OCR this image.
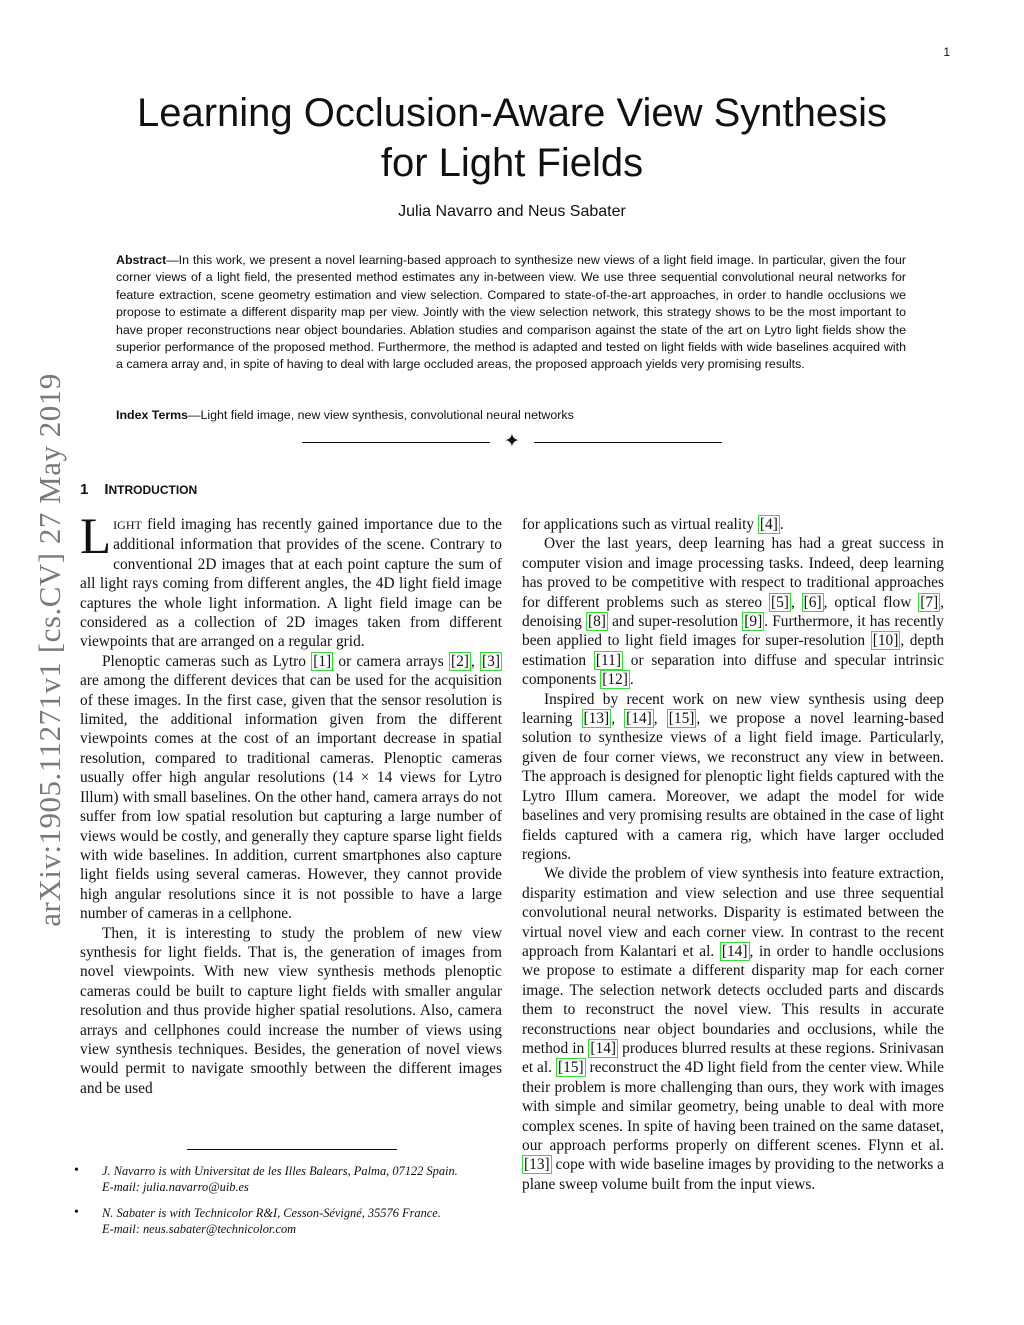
1
arXiv:1905.11271v1 [cs.CV] 27 May 2019
Learning Occlusion-Aware View Synthesis
for Light Fields
Julia Navarro and Neus Sabater
Abstract—In this work, we present a novel learning-based approach to synthesize new views of a light field image. In particular, given the four corner views of a light field, the presented method estimates any in-between view. We use three sequential convolutional neural networks for feature extraction, scene geometry estimation and view selection. Compared to state-of-the-art approaches, in order to handle occlusions we propose to estimate a different disparity map per view. Jointly with the view selection network, this strategy shows to be the most important to have proper reconstructions near object boundaries. Ablation studies and comparison against the state of the art on Lytro light fields show the superior performance of the proposed method. Furthermore, the method is adapted and tested on light fields with wide baselines acquired with a camera array and, in spite of having to deal with large occluded areas, the proposed approach yields very promising results.
Index Terms—Light field image, new view synthesis, convolutional neural networks
✦
1 INTRODUCTION

LIGHT field imaging has recently gained importance due to the additional information that provides of the scene. Contrary to conventional 2D images that at each point capture the sum of all light rays coming from different angles, the 4D light field image captures the whole light information. A light field image can be considered as a collection of 2D images taken from different viewpoints that are arranged on a regular grid.

Plenoptic cameras such as Lytro [1] or camera arrays [2] , [3] are among the different devices that can be used for the acquisition of these images. In the first case, given that the sensor resolution is limited, the additional information given from the different viewpoints comes at the cost of an important decrease in spatial resolution, compared to traditional cameras. Plenoptic cameras usually offer high angular resolutions (14 × 14 views for Lytro Illum) with small baselines. On the other hand, camera arrays do not suffer from low spatial resolution but capturing a large number of views would be costly, and generally they capture sparse light fields with wide baselines. In addition, current smartphones also capture light fields using several cameras. However, they cannot provide high angular resolutions since it is not possible to have a large number of cameras in a cellphone.

Then, it is interesting to study the problem of new view synthesis for light fields. That is, the generation of images from novel viewpoints. With new view synthesis methods plenoptic cameras could be built to capture light fields with smaller angular resolution and thus provide higher spatial resolutions. Also, camera arrays and cellphones could increase the number of views using view synthesis techniques. Besides, the generation of novel views would permit to navigate smoothly between the different images and be used

for applications such as virtual reality [4] .

Over the last years, deep learning has had a great success in computer vision and image processing tasks. Indeed, deep learning has proved to be competitive with respect to traditional approaches for different problems such as stereo [5] , [6] , optical flow [7] , denoising [8] and super-resolution [9] . Furthermore, it has recently been applied to light field images for super-resolution [10] , depth estimation [11] or separation into diffuse and specular intrinsic components [12] .

Inspired by recent work on new view synthesis using deep learning [13] , [14] , [15] , we propose a novel learning-based solution to synthesize views of a light field image. Particularly, given de four corner views, we reconstruct any view in between. The approach is designed for plenoptic light fields captured with the Lytro Illum camera. Moreover, we adapt the model for wide baselines and very promising results are obtained in the case of light fields captured with a camera rig, which have larger occluded regions.

We divide the problem of view synthesis into feature extraction, disparity estimation and view selection and use three sequential convolutional neural networks. Disparity is estimated between the virtual novel view and each corner view. In contrast to the recent approach from Kalantari et al. [14] , in order to handle occlusions we propose to estimate a different disparity map for each corner image. The selection network detects occluded parts and discards them to reconstruct the novel view. This results in accurate reconstructions near object boundaries and occlusions, while the method in [14] produces blurred results at these regions. Srinivasan et al. [15] reconstruct the 4D light field from the center view. While their problem is more challenging than ours, they work with images with simple and similar geometry, being unable to deal with more complex scenes. In spite of having been trained on the same dataset, our approach performs properly on different scenes. Flynn et al. [13] cope with wide baseline images by providing to the networks a plane sweep volume built from the input views.

• J. Navarro is with Universitat de les Illes Balears, Palma, 07122 Spain.
E-mail: julia.navarro@uib.es
• N. Sabater is with Technicolor R&I, Cesson-Sévigné, 35576 France.
E-mail: neus.sabater@technicolor.com
